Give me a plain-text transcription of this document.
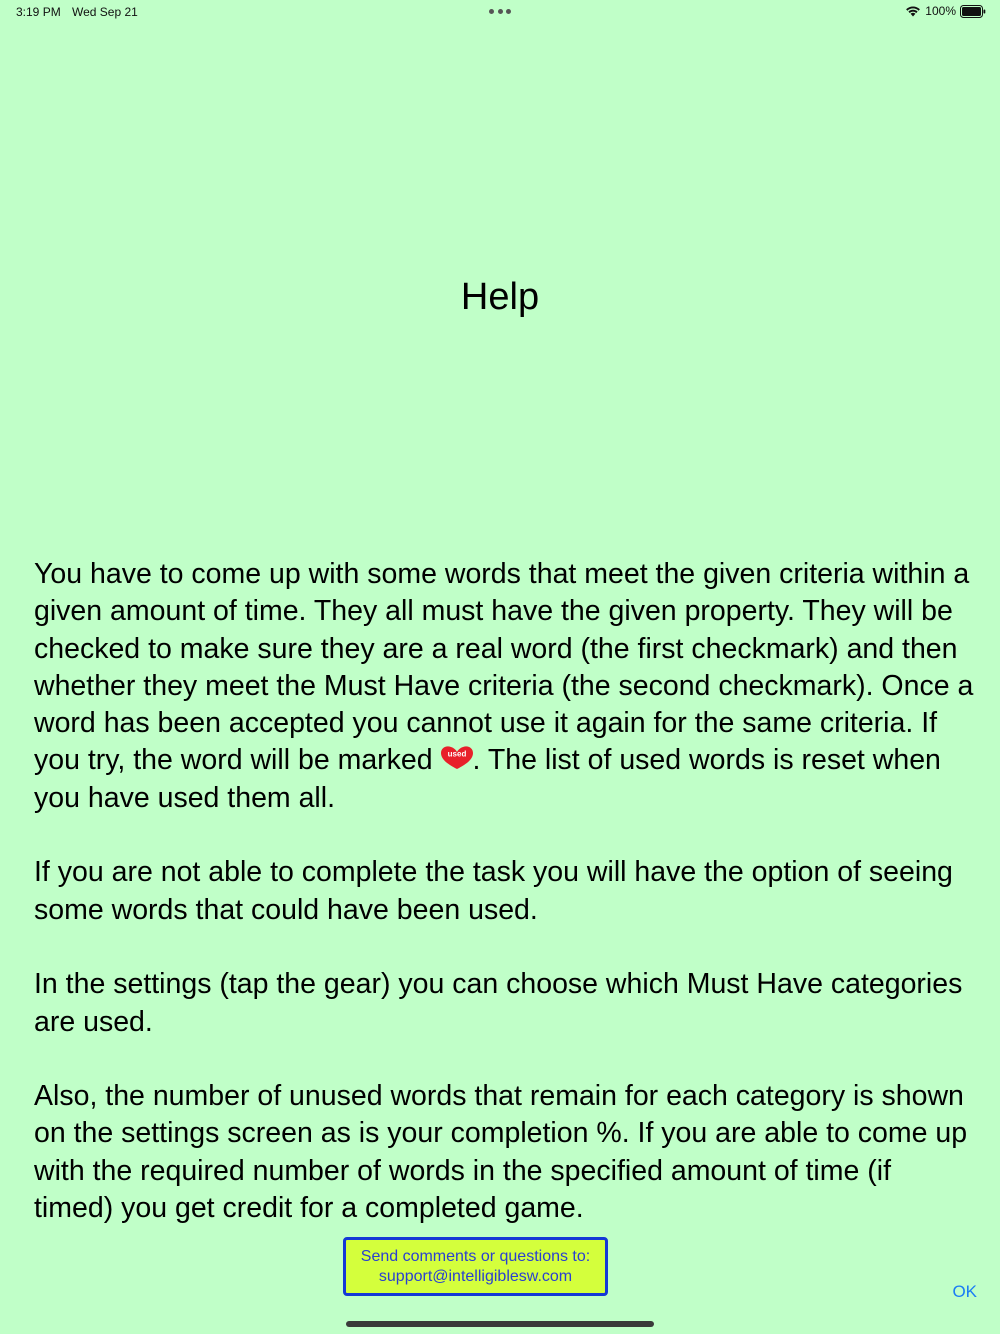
3:19 PM Wed Sep 21	100%
Help

You have to come up with some words that meet the given criteria within a given amount of time. They all must have the given property. They will be checked to make sure they are a real word (the first checkmark) and then whether they meet the Must Have criteria (the second checkmark). Once a word has been accepted you cannot use it again for the same criteria. If you try, the word will be marked used . The list of used words is reset when you have used them all.

If you are not able to complete the task you will have the option of seeing some words that could have been used.

In the settings (tap the gear) you can choose which Must Have categories are used.

Also, the number of unused words that remain for each category is shown on the settings screen as is your completion %. If you are able to come up with the required number of words in the specified amount of time (if timed) you get credit for a completed game.

Send comments or questions to:
support@intelligiblesw.com
OK
